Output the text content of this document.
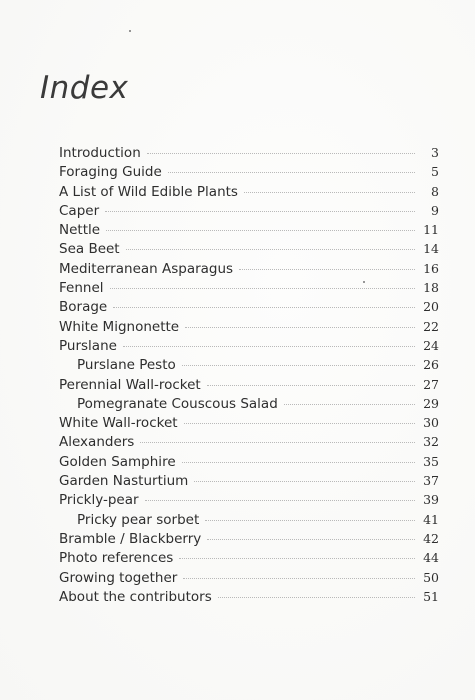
Index
Introduction	3
Foraging Guide	5
A List of Wild Edible Plants	8
Caper	9
Nettle	11
Sea Beet	14
Mediterranean Asparagus	16
Fennel	18
Borage	20
White Mignonette	22
Purslane	24
Purslane Pesto	26
Perennial Wall-rocket	27
Pomegranate Couscous Salad	29
White Wall-rocket	30
Alexanders	32
Golden Samphire	35
Garden Nasturtium	37
Prickly-pear	39
Pricky pear sorbet	41
Bramble / Blackberry	42
Photo references	44
Growing together	50
About the contributors	51
